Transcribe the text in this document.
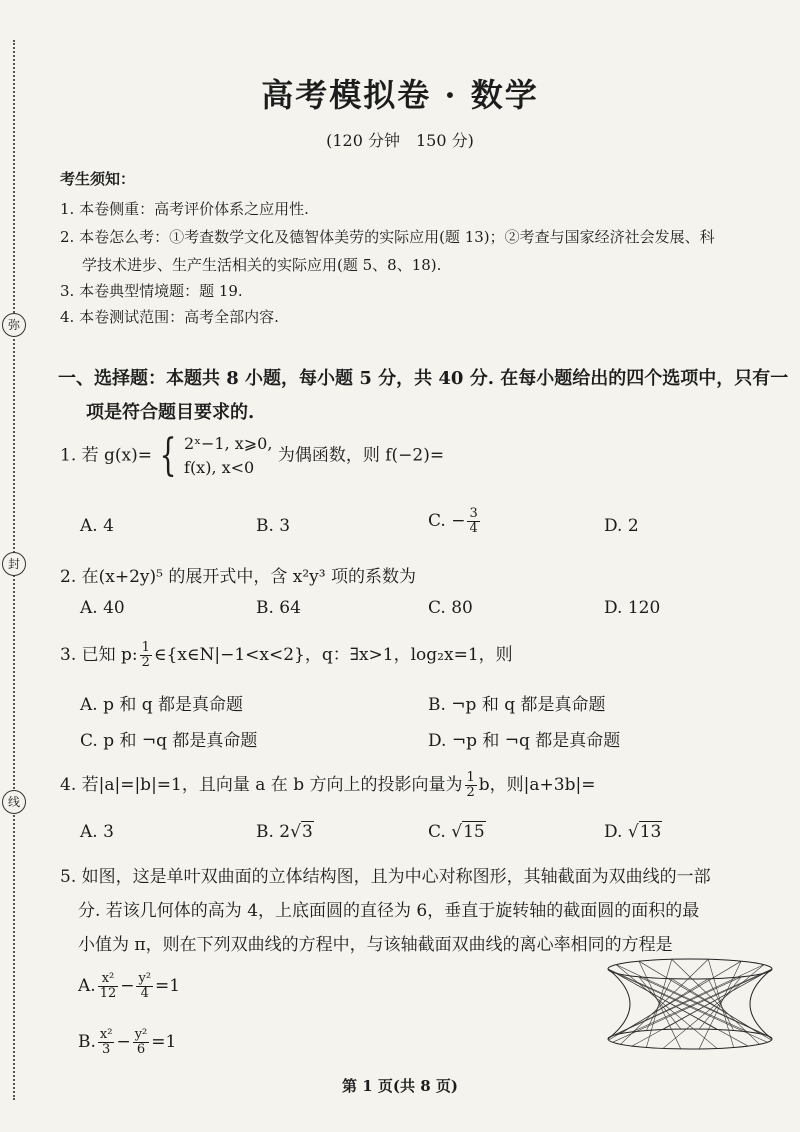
弥
封
线
高考模拟卷 · 数学
(120 分钟　150 分)
考生须知：
1. 本卷侧重：高考评价体系之应用性.
2. 本卷怎么考：①考查数学文化及德智体美劳的实际应用(题 13)；②考查与国家经济社会发展、科
学技术进步、生产生活相关的实际应用(题 5、8、18).
3. 本卷典型情境题：题 19.
4. 本卷测试范围：高考全部内容.
一、选择题：本题共 8 小题，每小题 5 分，共 40 分. 在每小题给出的四个选项中，只有一
项是符合题目要求的.
1. 若 g(x)= { 2ˣ−1, x⩾0,
f(x), x<0
为偶函数，则 f(−2)=
A. 4	B. 3	C. − $\frac{3}{4}$	D. 2
2. 在(x+2y)⁵ 的展开式中，含 x²y³ 项的系数为
A. 40	B. 64	C. 80	D. 120
3. 已知 p: $\frac{1}{2}$ ∈{x∈N|−1<x<2}，q：∃x>1，log₂x=1，则
A. p 和 q 都是真命题	B. ¬p 和 q 都是真命题
C. p 和 ¬q 都是真命题	D. ¬p 和 ¬q 都是真命题
4. 若|a|=|b|=1，且向量 a 在 b 方向上的投影向量为 $\frac{1}{2}$ b，则|a+3b|=
A. 3	B. 2√3	C. √15	D. √13
5. 如图，这是单叶双曲面的立体结构图，且为中心对称图形，其轴截面为双曲线的一部
分. 若该几何体的高为 4，上底面圆的直径为 6，垂直于旋转轴的截面圆的面积的最
小值为 π，则在下列双曲线的方程中，与该轴截面双曲线的离心率相同的方程是
A. $\frac{\text{x²}}{12} - \frac{\text{y²}}{4} =1$
B. $\frac{\text{x²}}{3} - \frac{\text{y²}}{6} =1$
第 1 页(共 8 页)
